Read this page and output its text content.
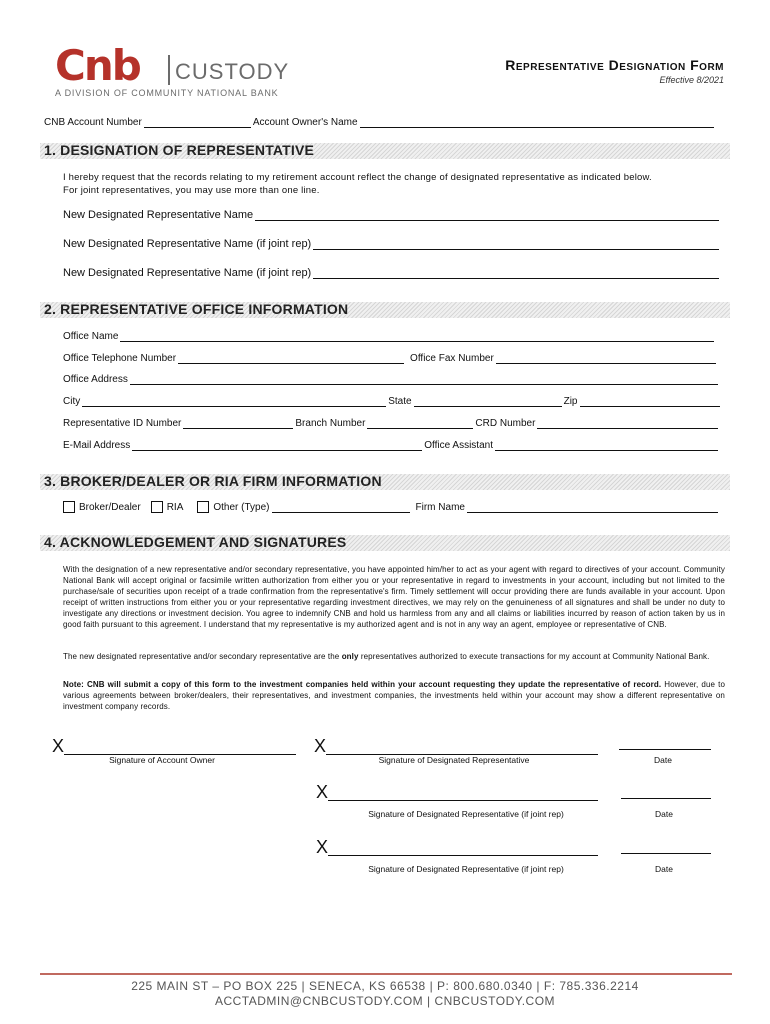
Cnb CUSTODY
A DIVISION OF COMMUNITY NATIONAL BANK
Representative Designation Form
Effective 8/2021
CNB Account Number	Account Owner's Name
1. DESIGNATION OF REPRESENTATIVE
I hereby request that the records relating to my retirement account reflect the change of designated representative as indicated below.
For joint representatives, you may use more than one line.
New Designated Representative Name
New Designated Representative Name (if joint rep)
New Designated Representative Name (if joint rep)
2. REPRESENTATIVE OFFICE INFORMATION
Office Name
Office Telephone Number	Office Fax Number
Office Address
City	State	Zip
Representative ID Number	Branch Number	CRD Number
E-Mail Address	Office Assistant
3. BROKER/DEALER OR RIA FIRM INFORMATION
Broker/Dealer	RIA	Other (Type)	Firm Name
4. ACKNOWLEDGEMENT AND SIGNATURES
With the designation of a new representative and/or secondary representative, you have appointed him/her to act as your agent with regard to directives of your account. Community National Bank will accept original or facsimile written authorization from either you or your representative in regard to investments in your account, including but not limited to the purchase/sale of securities upon receipt of a trade confirmation from the representative's firm. Timely settlement will occur providing there are funds available in your account. Upon receipt of written instructions from either you or your representative regarding investment directives, we may rely on the genuineness of all signatures and shall be under no duty to investigate any directions or investment decision. You agree to indemnify CNB and hold us harmless from any and all claims or liabilities incurred by reason of action taken by us in good faith pursuant to this agreement. I understand that my representative is my authorized agent and is not in any way an agent, employee or representative of CNB.
The new designated representative and/or secondary representative are the only representatives authorized to execute transactions for my account at Community National Bank.
Note: CNB will submit a copy of this form to the investment companies held within your account requesting they update the representative of record. However, due to various agreements between broker/dealers, their representatives, and investment companies, the investments held within your account may show a different representative on investment company records.
X
Signature of Account Owner
X
Signature of Designated Representative	Date
X
Signature of Designated Representative (if joint rep)	Date
X
Signature of Designated Representative (if joint rep)	Date
225 MAIN ST – PO BOX 225 | SENECA, KS 66538 | P: 800.680.0340 | F: 785.336.2214
ACCTADMIN@CNBCUSTODY.COM | CNBCUSTODY.COM
